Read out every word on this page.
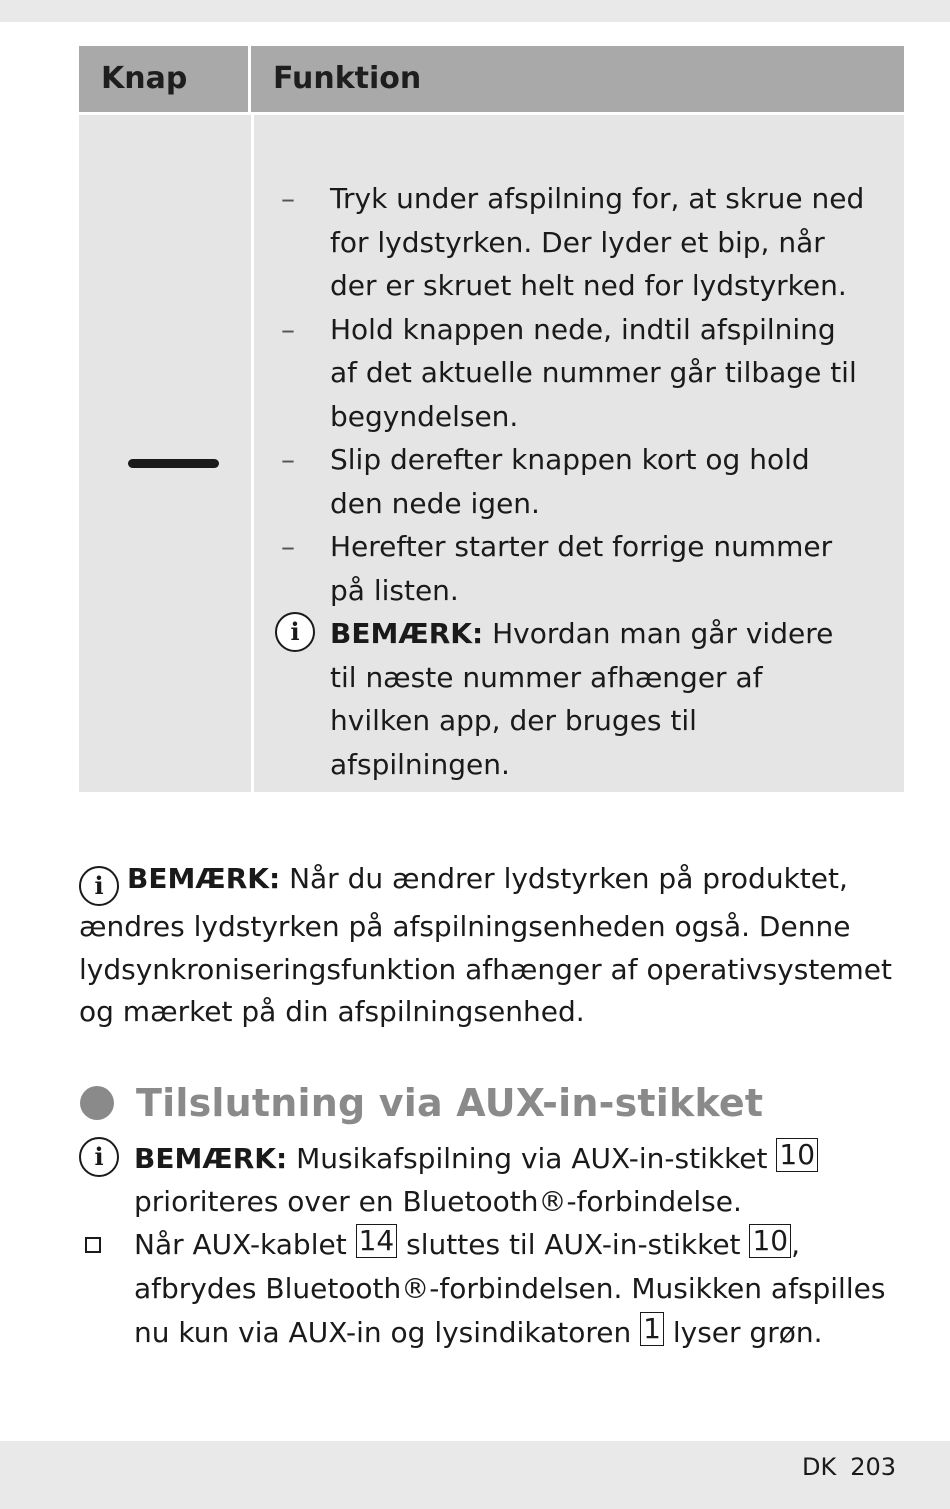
Knap	Funktion
– Tryk under afspilning for, at skrue ned for lydstyrken. Der lyder et bip, når der er skruet helt ned for lydstyrken.
– Hold knappen nede, indtil afspilning af det aktuelle nummer går tilbage til begyndelsen.
– Slip derefter knappen kort og hold den nede igen.
– Herefter starter det forrige nummer på listen.
i	BEMÆRK: Hvordan man går videre til næste nummer afhænger af hvilken app, der bruges til afspilningen.
i BEMÆRK: Når du ændrer lydstyrken på produktet, ændres lydstyrken på afspilningsenheden også. Denne lydsynkroniseringsfunktion afhænger af operativsystemet og mærket på din afspilningsenhed.
Tilslutning via AUX-in-stikket
i	BEMÆRK: Musikafspilning via AUX-in-stikket 10 prioriteres over en Bluetooth®-forbindelse.
Når AUX-kablet 14 sluttes til AUX-in-stikket 10 , afbrydes Bluetooth®-forbindelsen. Musikken afspilles nu kun via AUX-in og lysindikatoren 1 lyser grøn.
DK 203
